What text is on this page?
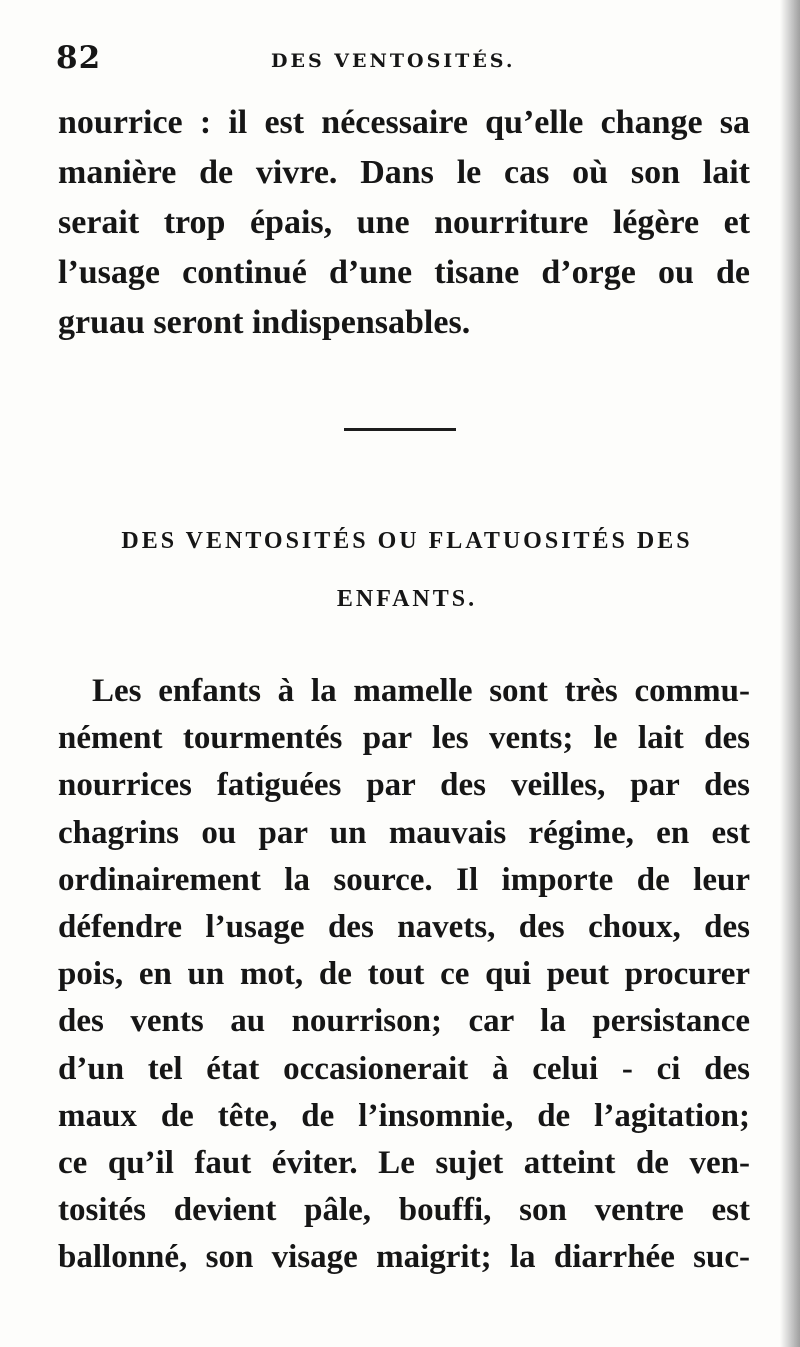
82	DES VENTOSITÉS.
nourrice : il est nécessaire qu’elle change sa
manière de vivre. Dans le cas où son lait
serait trop épais, une nourriture légère et
l’usage continué d’une tisane d’orge ou de
gruau seront indispensables.
DES VENTOSITÉS OU FLATUOSITÉS DES
ENFANTS.
Les enfants à la mamelle sont très commu-
nément tourmentés par les vents; le lait des
nourrices fatiguées par des veilles, par des
chagrins ou par un mauvais régime, en est
ordinairement la source. Il importe de leur
défendre l’usage des navets, des choux, des
pois, en un mot, de tout ce qui peut procurer
des vents au nourrison; car la persistance
d’un tel état occasionerait à celui - ci des
maux de tête, de l’insomnie, de l’agitation;
ce qu’il faut éviter. Le sujet atteint de ven-
tosités devient pâle, bouffi, son ventre est
ballonné, son visage maigrit; la diarrhée suc-
